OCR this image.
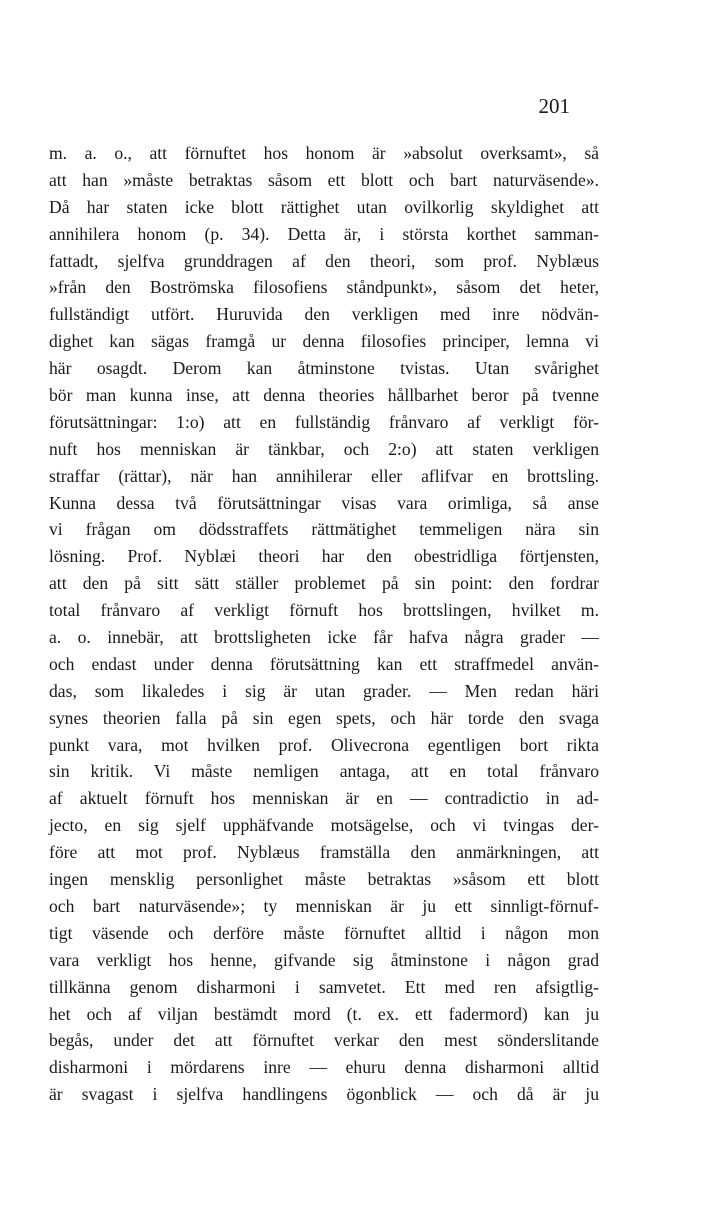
201
m. a. o., att förnuftet hos honom är »absolut overksamt», så
att han »måste betraktas såsom ett blott och bart naturväsende».
Då har staten icke blott rättighet utan ovilkorlig skyldighet att
annihilera honom (p. 34). Detta är, i största korthet samman-
fattadt, sjelfva grunddragen af den theori, som prof. Nyblæus
»från den Boströmska filosofiens ståndpunkt», såsom det heter,
fullständigt utfört. Huruvida den verkligen med inre nödvän-
dighet kan sägas framgå ur denna filosofies principer, lemna vi
här osagdt. Derom kan åtminstone tvistas. Utan svårighet
bör man kunna inse, att denna theories hållbarhet beror på tvenne
förutsättningar: 1:o) att en fullständig frånvaro af verkligt för-
nuft hos menniskan är tänkbar, och 2:o) att staten verkligen
straffar (rättar), när han annihilerar eller aflifvar en brottsling.
Kunna dessa två förutsättningar visas vara orimliga, så anse
vi frågan om dödsstraffets rättmätighet temmeligen nära sin
lösning. Prof. Nyblæi theori har den obestridliga förtjensten,
att den på sitt sätt ställer problemet på sin point: den fordrar
total frånvaro af verkligt förnuft hos brottslingen, hvilket m.
a. o. innebär, att brottsligheten icke får hafva några grader —
och endast under denna förutsättning kan ett straffmedel använ-
das, som likaledes i sig är utan grader. — Men redan häri
synes theorien falla på sin egen spets, och här torde den svaga
punkt vara, mot hvilken prof. Olivecrona egentligen bort rikta
sin kritik. Vi måste nemligen antaga, att en total frånvaro
af aktuelt förnuft hos menniskan är en — contradictio in ad-
jecto, en sig sjelf upphäfvande motsägelse, och vi tvingas der-
före att mot prof. Nyblæus framställa den anmärkningen, att
ingen mensklig personlighet måste betraktas »såsom ett blott
och bart naturväsende»; ty menniskan är ju ett sinnligt-förnuf-
tigt väsende och derföre måste förnuftet alltid i någon mon
vara verkligt hos henne, gifvande sig åtminstone i någon grad
tillkänna genom disharmoni i samvetet. Ett med ren afsigtlig-
het och af viljan bestämdt mord (t. ex. ett fadermord) kan ju
begås, under det att förnuftet verkar den mest sönderslitande
disharmoni i mördarens inre — ehuru denna disharmoni alltid
är svagast i sjelfva handlingens ögonblick — och då är ju
